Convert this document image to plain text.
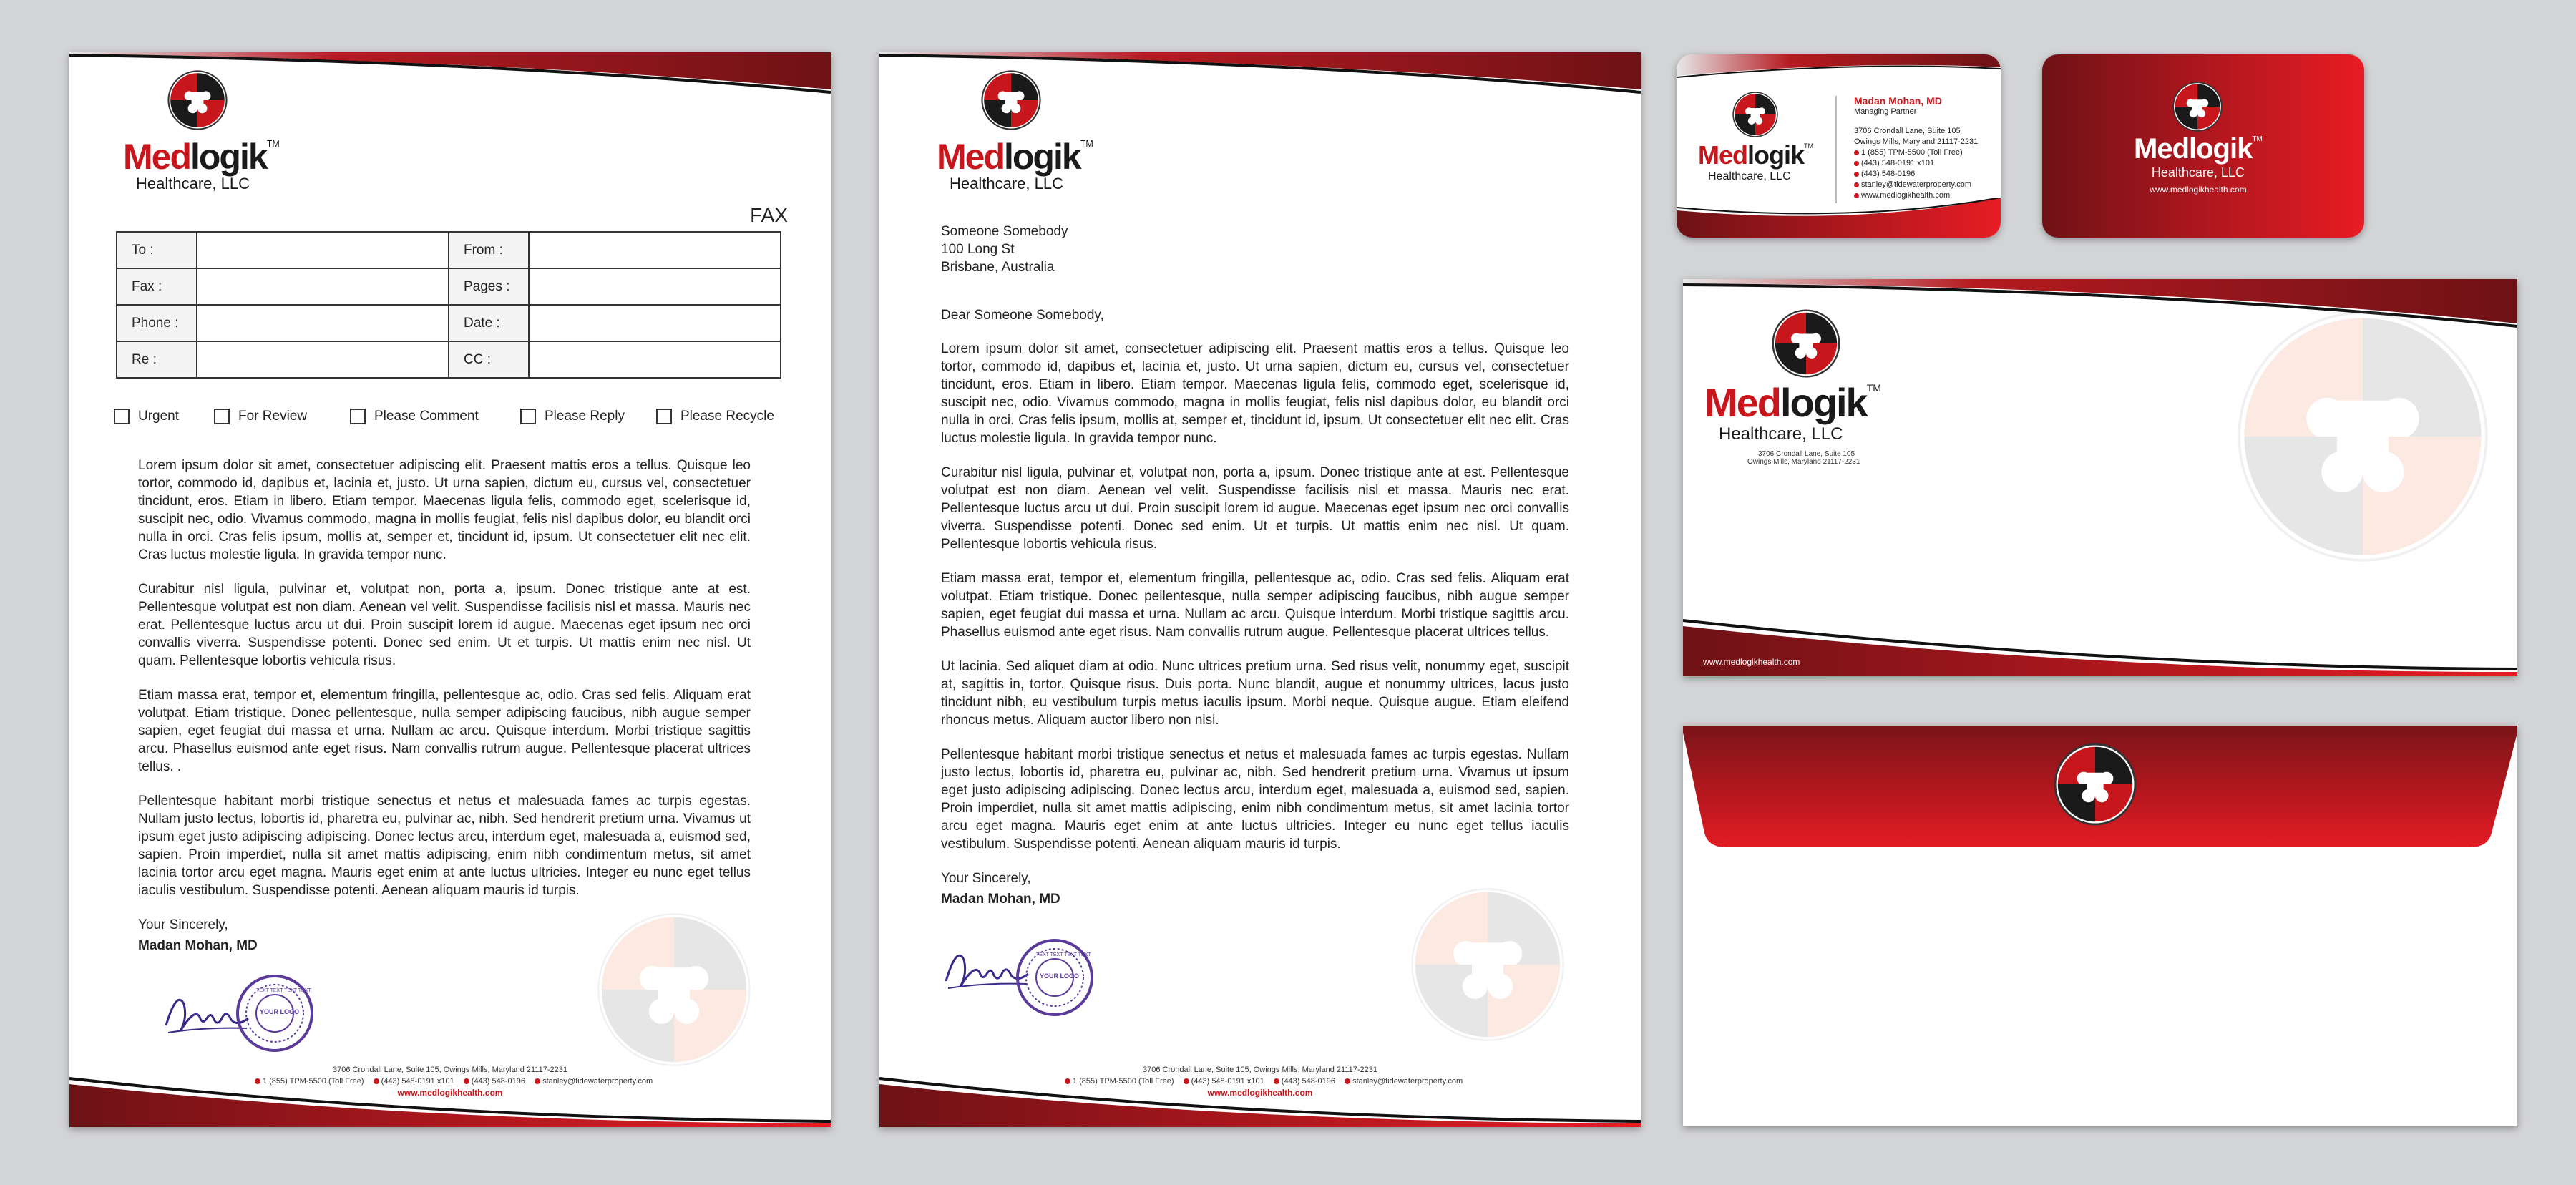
Medlogik™
Healthcare, LLC
FAX
To :		From :	
Fax :		Pages :	
Phone :		Date :	
Re :		CC :	
Urgent	For Review	Please Comment	Please Reply	Please Recycle

Lorem ipsum dolor sit amet, consectetuer adipiscing elit. Praesent mattis eros a tellus. Quisque leo tortor, commodo id, dapibus et, lacinia et, justo. Ut urna sapien, dictum eu, cursus vel, consectetuer tincidunt, eros. Etiam in libero. Etiam tempor. Maecenas ligula felis, commodo eget, scelerisque id, suscipit nec, odio. Vivamus commodo, magna in mollis feugiat, felis nisl dapibus dolor, eu blandit orci nulla in orci. Cras felis ipsum, mollis at, semper et, tincidunt id, ipsum. Ut consectetuer elit nec elit. Cras luctus molestie ligula. In gravida tempor nunc.

Curabitur nisl ligula, pulvinar et, volutpat non, porta a, ipsum. Donec tristique ante at est. Pellentesque volutpat est non diam. Aenean vel velit. Suspendisse facilisis nisl et massa. Mauris nec erat. Pellentesque luctus arcu ut dui. Proin suscipit lorem id augue. Maecenas eget ipsum nec orci convallis viverra. Suspendisse potenti. Donec sed enim. Ut et turpis. Ut mattis enim nec nisl. Ut quam. Pellentesque lobortis vehicula risus.

Etiam massa erat, tempor et, elementum fringilla, pellentesque ac, odio. Cras sed felis. Aliquam erat volutpat. Etiam tristique. Donec pellentesque, nulla semper adipiscing faucibus, nibh augue semper sapien, eget feugiat dui massa et urna. Nullam ac arcu. Quisque interdum. Morbi tristique sagittis arcu. Phasellus euismod ante eget risus. Nam convallis rutrum augue. Pellentesque placerat ultrices tellus. .

Pellentesque habitant morbi tristique senectus et netus et malesuada fames ac turpis egestas. Nullam justo lectus, lobortis id, pharetra eu, pulvinar ac, nibh. Sed hendrerit pretium urna. Vivamus ut ipsum eget justo adipiscing adipiscing. Donec lectus arcu, interdum eget, malesuada a, euismod sed, sapien. Proin imperdiet, nulla sit amet mattis adipiscing, enim nibh condimentum metus, sit amet lacinia tortor arcu eget magna. Mauris eget enim at ante luctus ultricies. Integer eu nunc eget tellus iaculis vestibulum. Suspendisse potenti. Aenean aliquam mauris id turpis.

Your Sincerely,
Madan Mohan, MD
TEXT TEXT TEXT TEXT
YOUR LOGO
3706 Crondall Lane, Suite 105, Owings Mills, Maryland 21117-2231
1 (855) TPM-5500 (Toll Free) (443) 548-0191 x101 (443) 548-0196 stanley@tidewaterproperty.com
www.medlogikhealth.com
Medlogik™
Healthcare, LLC
Someone Somebody
100 Long St
Brisbane, Australia
Dear Someone Somebody,

Lorem ipsum dolor sit amet, consectetuer adipiscing elit. Praesent mattis eros a tellus. Quisque leo tortor, commodo id, dapibus et, lacinia et, justo. Ut urna sapien, dictum eu, cursus vel, consectetuer tincidunt, eros. Etiam in libero. Etiam tempor. Maecenas ligula felis, commodo eget, scelerisque id, suscipit nec, odio. Vivamus commodo, magna in mollis feugiat, felis nisl dapibus dolor, eu blandit orci nulla in orci. Cras felis ipsum, mollis at, semper et, tincidunt id, ipsum. Ut consectetuer elit nec elit. Cras luctus molestie ligula. In gravida tempor nunc.

Curabitur nisl ligula, pulvinar et, volutpat non, porta a, ipsum. Donec tristique ante at est. Pellentesque volutpat est non diam. Aenean vel velit. Suspendisse facilisis nisl et massa. Mauris nec erat. Pellentesque luctus arcu ut dui. Proin suscipit lorem id augue. Maecenas eget ipsum nec orci convallis viverra. Suspendisse potenti. Donec sed enim. Ut et turpis. Ut mattis enim nec nisl. Ut quam. Pellentesque lobortis vehicula risus.

Etiam massa erat, tempor et, elementum fringilla, pellentesque ac, odio. Cras sed felis. Aliquam erat volutpat. Etiam tristique. Donec pellentesque, nulla semper adipiscing faucibus, nibh augue semper sapien, eget feugiat dui massa et urna. Nullam ac arcu. Quisque interdum. Morbi tristique sagittis arcu. Phasellus euismod ante eget risus. Nam convallis rutrum augue. Pellentesque placerat ultrices tellus.

Ut lacinia. Sed aliquet diam at odio. Nunc ultrices pretium urna. Sed risus velit, nonummy eget, suscipit at, sagittis in, tortor. Quisque risus. Duis porta. Nunc blandit, augue et nonummy ultrices, lacus justo tincidunt nibh, eu vestibulum turpis metus iaculis ipsum. Morbi neque. Quisque augue. Etiam eleifend rhoncus metus. Aliquam auctor libero non nisi.

Pellentesque habitant morbi tristique senectus et netus et malesuada fames ac turpis egestas. Nullam justo lectus, lobortis id, pharetra eu, pulvinar ac, nibh. Sed hendrerit pretium urna. Vivamus ut ipsum eget justo adipiscing adipiscing. Donec lectus arcu, interdum eget, malesuada a, euismod sed, sapien. Proin imperdiet, nulla sit amet mattis adipiscing, enim nibh condimentum metus, sit amet lacinia tortor arcu eget magna. Mauris eget enim at ante luctus ultricies. Integer eu nunc eget tellus iaculis vestibulum. Suspendisse potenti. Aenean aliquam mauris id turpis.

Your Sincerely,
Madan Mohan, MD
TEXT TEXT TEXT TEXT
YOUR LOGO
3706 Crondall Lane, Suite 105, Owings Mills, Maryland 21117-2231
1 (855) TPM-5500 (Toll Free) (443) 548-0191 x101 (443) 548-0196 stanley@tidewaterproperty.com
www.medlogikhealth.com
Medlogik™
Healthcare, LLC
Madan Mohan, MD
Managing Partner
3706 Crondall Lane, Suite 105
Owings Mills, Maryland 21117-2231
1 (855) TPM-5500 (Toll Free)
(443) 548-0191 x101
(443) 548-0196
stanley@tidewaterproperty.com
www.medlogikhealth.com
Medlogik™
Healthcare, LLC
www.medlogikhealth.com
Medlogik™
Healthcare, LLC
3706 Crondall Lane, Suite 105
Owings Mills, Maryland 21117-2231
www.medlogikhealth.com
